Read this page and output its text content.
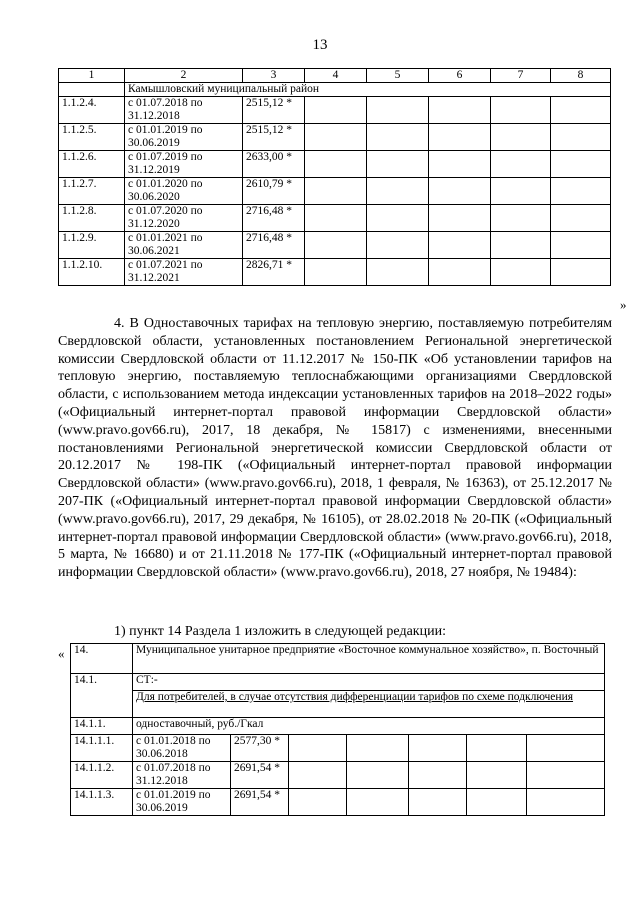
13
1	2	3	4	5	6	7	8
	Камышловский муниципальный район						
1.1.2.4.	с 01.07.2018 по 31.12.2018	2515,12 *					
1.1.2.5.	с 01.01.2019 по 30.06.2019	2515,12 *					
1.1.2.6.	с 01.07.2019 по 31.12.2019	2633,00 *					
1.1.2.7.	с 01.01.2020 по 30.06.2020	2610,79 *					
1.1.2.8.	с 01.07.2020 по 31.12.2020	2716,48 *					
1.1.2.9.	с 01.01.2021 по 30.06.2021	2716,48 *					
1.1.2.10.	с 01.07.2021 по 31.12.2021	2826,71 *					
»

4. В Одноставочных тарифах на тепловую энергию, поставляемую потребителям Свердловской области, установленных постановлением Региональной энергетической комиссии Свердловской области от 11.12.2017 № 150-ПК «Об установлении тарифов на тепловую энергию, поставляемую теплоснабжающими организациями Свердловской области, с использованием метода индексации установленных тарифов на 2018–2022 годы» («Официальный интернет-портал правовой информации Свердловской области» (www.pravo.gov66.ru), 2017, 18 декабря, № 15817) с изменениями, внесенными постановлениями Региональной энергетической комиссии Свердловской области от 20.12.2017 № 198-ПК («Официальный интернет-портал правовой информации Свердловской области» (www.pravo.gov66.ru), 2018, 1 февраля, № 16363), от 25.12.2017 № 207-ПК («Официальный интернет-портал правовой информации Свердловской области» (www.pravo.gov66.ru), 2017, 29 декабря, № 16105), от 28.02.2018 № 20-ПК («Официальный интернет-портал правовой информации Свердловской области» (www.pravo.gov66.ru), 2018, 5 марта, № 16680) и от 21.11.2018 № 177-ПК («Официальный интернет-портал правовой информации Свердловской области» (www.pravo.gov66.ru), 2018, 27 ноября, № 19484):

1) пункт 14 Раздела 1 изложить в следующей редакции:
« 14.	Муниципальное унитарное предприятие «Восточное коммунальное хозяйство», п. Восточный						
14.1.	СТ:-						
	Для потребителей, в случае отсутствия дифференциации тарифов по схеме подключения						
14.1.1.	одноставочный, руб./Гкал						
14.1.1.1.	с 01.01.2018 по 30.06.2018	2577,30 *					
14.1.1.2.	с 01.07.2018 по 31.12.2018	2691,54 *					
14.1.1.3.	с 01.01.2019 по 30.06.2019	2691,54 *					
